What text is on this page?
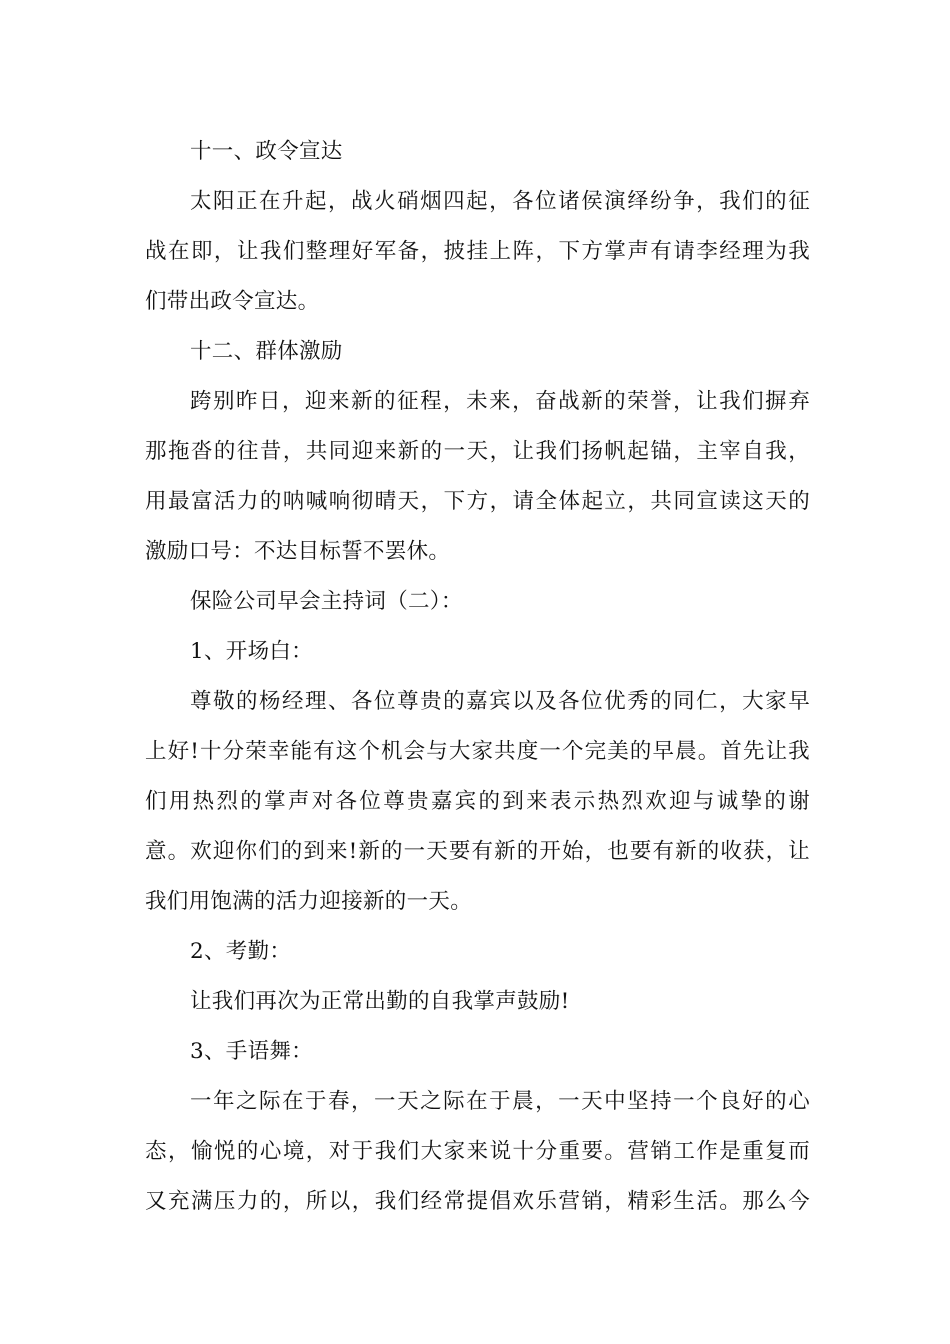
十一、政令宣达
太阳正在升起，战火硝烟四起，各位诸侯演绎纷争，我们的征
战在即，让我们整理好军备，披挂上阵，下方掌声有请李经理为我
们带出政令宣达。
十二、群体激励
跨别昨日，迎来新的征程，未来，奋战新的荣誉，让我们摒弃
那拖沓的往昔，共同迎来新的一天，让我们扬帆起锚，主宰自我，
用最富活力的呐喊响彻晴天，下方，请全体起立，共同宣读这天的
激励口号：不达目标誓不罢休。
保险公司早会主持词（二）：
1、开场白：
尊敬的杨经理、各位尊贵的嘉宾以及各位优秀的同仁，大家早
上好!十分荣幸能有这个机会与大家共度一个完美的早晨。首先让我
们用热烈的掌声对各位尊贵嘉宾的到来表示热烈欢迎与诚挚的谢
意。欢迎你们的到来!新的一天要有新的开始，也要有新的收获，让
我们用饱满的活力迎接新的一天。
2、考勤：
让我们再次为正常出勤的自我掌声鼓励!
3、手语舞：
一年之际在于春，一天之际在于晨，一天中坚持一个良好的心
态，愉悦的心境，对于我们大家来说十分重要。营销工作是重复而
又充满压力的，所以，我们经常提倡欢乐营销，精彩生活。那么今
